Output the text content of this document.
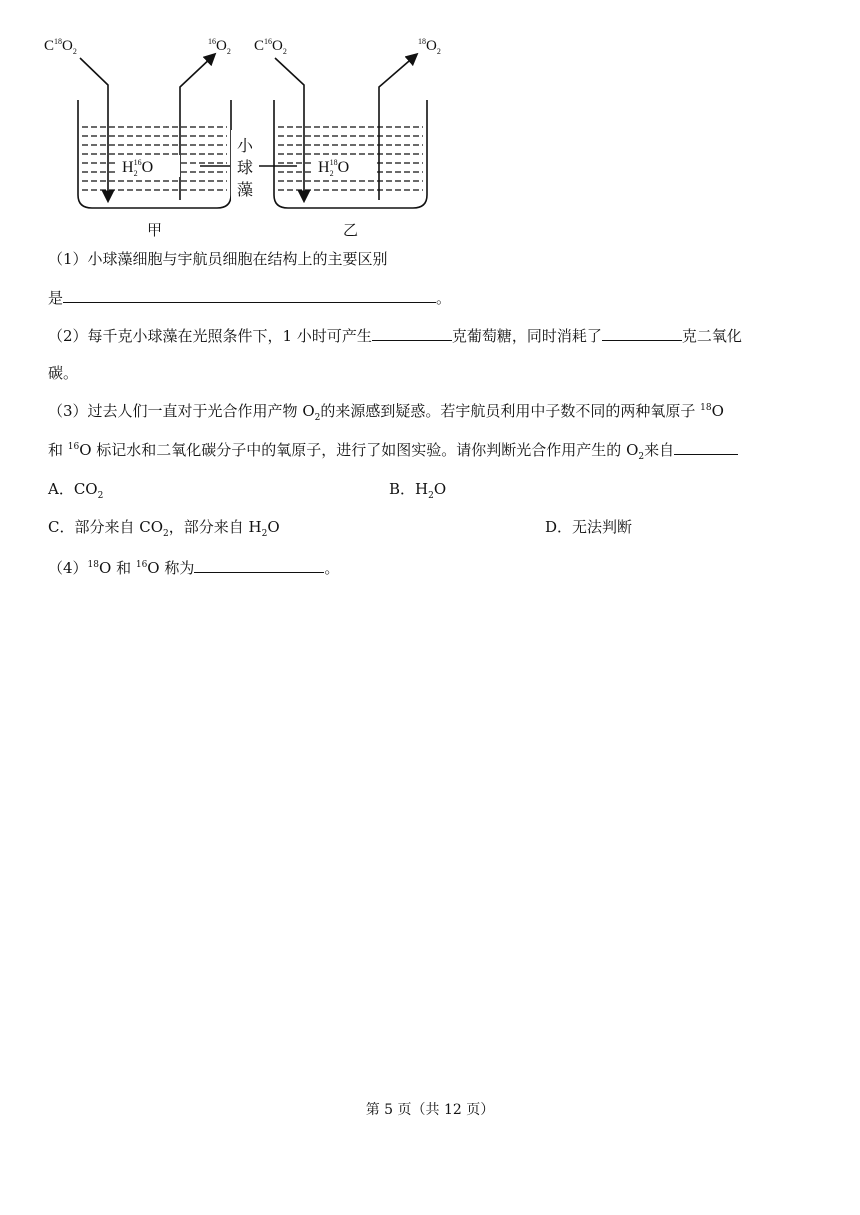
$C^{18}O_2$
$^{16}O_2$ $C^{16}O_2$
$^{18}O_2$
$H_216O$	$H_218O$
小
球
藻
甲	乙
（1）小球藻细胞与宇航员细胞在结构上的主要区别
是	。
（2）每千克小球藻在光照条件下，1 小时可产生	克葡萄糖，同时消耗了	克二氧化
碳。
（3）过去人们一直对于光合作用产物 $O_2$的来源感到疑惑。若宇航员利用中子数不同的两种氧原子 $^{18}$O
和 $^{16}$O 标记水和二氧化碳分子中的氧原子，进行了如图实验。请你判断光合作用产生的 $O_2$来自
A．$CO_2$	B．$H_2O$
C．部分来自 $CO_2$，部分来自 $H_2O$	D．无法判断
$(4)^{18}O$ 和 $^{16}$O 称为	。
第 5 页（共 12 页）
